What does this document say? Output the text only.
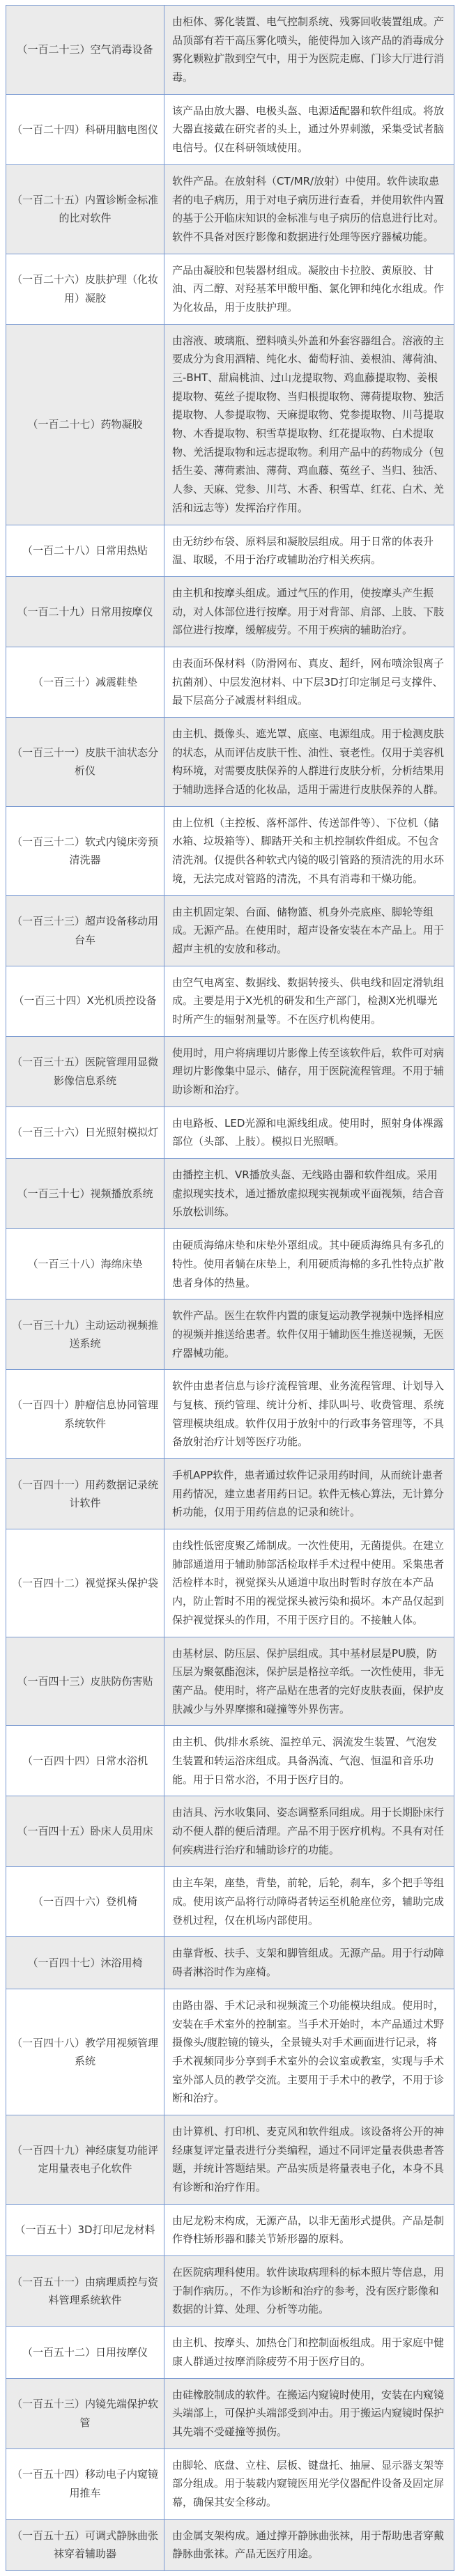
（一百二十三）空气消毒设备	由柜体、雾化装置、电气控制系统、残雾回收装置组成。产品顶部有若干高压雾化喷头，能使得加入该产品的消毒成分雾化颗粒扩散到空气中，用于为医院走廊、门诊大厅进行消毒。
（一百二十四）科研用脑电图仪	该产品由放大器、电极头盔、电源适配器和软件组成。将放大器直接戴在研究者的头上，通过外界刺激，采集受试者脑电信号。仅在科研领域使用。
（一百二十五）内置诊断金标准的比对软件	软件产品。在放射科（CT/MR/放射）中使用。软件读取患者的电子病历，用于对电子病历进行查看，并使用软件内置的基于公开临床知识的金标准与电子病历的信息进行比对。软件不具备对医疗影像和数据进行处理等医疗器械功能。
（一百二十六）皮肤护理（化妆用）凝胶	产品由凝胶和包装器材组成。凝胶由卡拉胶、黄原胶、甘油、丙二醇、对羟基苯甲酸甲酯、氯化钾和纯化水组成。作为化妆品，用于皮肤护理。
（一百二十七）药物凝胶	由溶液、玻璃瓶、塑料喷头外盖和外套容器组合。溶液的主要成分为食用酒精、纯化水、葡萄籽油、姜根油、薄荷油、三-BHT、甜扁桃油、过山龙提取物、鸡血藤提取物、姜根提取物、菟丝子提取物、当归根提取物、薄荷提取物、独活提取物、人参提取物、天麻提取物、党参提取物、川芎提取物、木香提取物、积雪草提取物、红花提取物、白术提取物、羌活提取物和远志提取物。利用产品中的药物成分（包括生姜、薄荷素油、薄荷、鸡血藤、菟丝子、当归、独活、人参、天麻、党参、川芎、木香、积雪草、红花、白术、羌活和远志等）发挥治疗作用。
（一百二十八）日常用热贴	由无纺纱布袋、原料层和凝胶层组成。用于日常的体表升温、取暖，不用于治疗或辅助治疗相关疾病。
（一百二十九）日常用按摩仪	由主机和按摩头组成。通过气压的作用，使按摩头产生振动，对人体部位进行按摩。用于对背部、肩部、上肢、下肢部位进行按摩，缓解疲劳。不用于疾病的辅助治疗。
（一百三十）减震鞋垫	由表面环保材料（防滑网布、真皮、超纤，网布喷涂银离子抗菌剂）、中层发泡材料、中下层3D打印定制足弓支撑件、最下层高分子减震材料组成。
（一百三十一）皮肤干油状态分析仪	由主机、摄像头、遮光罩、底座、电源组成。用于检测皮肤的状态，从而评估皮肤干性、油性、衰老性。仅用于美容机构环境，对需要皮肤保养的人群进行皮肤分析，分析结果用于辅助选择合适的化妆品，适用于需进行皮肤保养的人群。
（一百三十二）软式内镜床旁预清洗器	由上位机（主控板、落杯部件、传送部件等）、下位机（储水箱、垃圾箱等）、脚踏开关和主机控制软件组成。不包含清洗剂。仅提供各种软式内镜的吸引管路的预清洗的用水环境，无法完成对管路的清洗，不具有消毒和干燥功能。
（一百三十三）超声设备移动用台车	由主机固定架、台面、储物篮、机身外壳底座、脚轮等组成。无源产品。在使用时，超声设备安装在本产品上。用于超声主机的安放和移动。
（一百三十四）X光机质控设备	由空气电离室、数据线、数据转接头、供电线和固定滑轨组成。主要是用于X光机的研发和生产部门，检测X光机曝光时所产生的辐射剂量等。不在医疗机构使用。
（一百三十五）医院管理用显微影像信息系统	使用时，用户将病理切片影像上传至该软件后，软件可对病理切片影像集中显示、储存，用于医院流程管理。不用于辅助诊断和治疗。
（一百三十六）日光照射模拟灯	由电路板、LED光源和电源线组成。使用时，照射身体裸露部位（头部、上肢）。模拟日光照晒。
（一百三十七）视频播放系统	由播控主机、VR播放头盔、无线路由器和软件组成。采用虚拟现实技术，通过播放虚拟现实视频或平面视频，结合音乐放松训练。
（一百三十八）海绵床垫	由硬质海绵床垫和床垫外罩组成。其中硬质海绵具有多孔的特性。使用者躺在床垫上，利用硬质海棉的多孔性特点扩散患者身体的热量。
（一百三十九）主动运动视频推送系统	软件产品。医生在软件内置的康复运动教学视频中选择相应的视频并推送给患者。软件仅用于辅助医生推送视频，无医疗器械功能。
（一百四十）肿瘤信息协同管理系统软件	软件由患者信息与诊疗流程管理、业务流程管理、计划导入与复核、预约管理、统计分析、排队叫号、收费管理、系统管理模块组成。软件仅用于放射中的行政事务管理等，不具备放射治疗计划等医疗功能。
（一百四十一）用药数据记录统计软件	手机APP软件，患者通过软件记录用药时间，从而统计患者用药情况，建立患者用药日记。软件无核心算法，无计算分析功能，仅用于用药信息的记录和统计。
（一百四十二）视觉探头保护袋	由线性低密度聚乙烯制成。一次性使用，无菌提供。在建立肺部通道用于辅助肺部活检取样手术过程中使用。采集患者活检样本时，视觉探头从通道中取出时暂时存放在本产品内，防止暂时不用的视觉探头被污染和损坏。本产品仅起到保护视觉探头的作用，不用于医疗目的。不接触人体。
（一百四十三）皮肤防伤害贴	由基材层、防压层、保护层组成。其中基材层是PU膜，防压层为聚氨酯泡沫，保护层是格拉辛纸。一次性使用，非无菌产品。使用时，将产品贴在患者的完好皮肤表面，保护皮肤减少与外界摩擦和碰撞等外界伤害。
（一百四十四）日常水浴机	由主机、供/排水系统、温控单元、涡流发生装置、气泡发生装置和转运浴床组成。具备涡流、气泡、恒温和音乐功能。用于日常水浴，不用于医疗目的。
（一百四十五）卧床人员用床	由洁具、污水收集同、姿态调整系同组成。用于长期卧床行动不便人群的便后清理。产品不用于医疗机构。不具有对任何疾病进行治疗和辅助诊疗的功能。
（一百四十六）登机椅	由主车架，座垫，背垫，前轮，后轮，刹车，多个把手等组成。使用该产品将行动障碍者转运至机舱座位旁，辅助完成登机过程，仅在机场内部使用。
（一百四十七）沐浴用椅	由靠背板、扶手、支架和脚管组成。无源产品。用于行动障碍者淋浴时作为座椅。
（一百四十八）教学用视频管理系统	由路由器、手术记录和视频流三个功能模块组成。使用时，安装在手术室外的控制室。当手术开始时，本产品通过术野摄像头/腹腔镜的镜头，全景镜头对手术画面进行记录，将手术视频同步分享到手术室外的会议室或教室，实现与手术室外部人员的教学交流。主要用于手术中的教学，不用于诊断和治疗。
（一百四十九）神经康复功能评定用量表电子化软件	由计算机、打印机、麦克风和软件组成。该设备将公开的神经康复评定量表进行分类编程，通过不同评定量表供患者答题，并统计答题结果。产品实质是将量表电子化，本身不具有诊断和治疗作用。
（一百五十）3D打印尼龙材料	由尼龙粉末构成，无源产品，以非无菌形式提供。产品是制作脊柱矫形器和膝关节矫形器的原料。
（一百五十一）由病理质控与资料管理系统软件	在医院病理科使用。软件读取病理科的标本照片等信息，用于制作病历。，不作为诊断和治疗的参考，没有医疗影像和数据的计算、处理、分析等功能。
（一百五十二）日用按摩仪	由主机、按摩头、加热仓门和控制面板组成。用于家庭中健康人群通过按摩消除疲劳不用于医疗目的。
（一百五十三）内镜先端保护软管	由硅橡胶制成的软件。在搬运内窥镜时使用，安装在内窥镜头端部上，可保护头端部受到冲击。用于搬运内窥镜时保护其先端不受碰撞等损伤。
（一百五十四）移动电子内窥镜用推车	由脚轮、底盘、立柱、层板、键盘托、抽屉、显示器支架等部分组成。用于装载内窥镜医用光学仪器配件设备及固定屏幕，确保其安全移动。
（一百五十五）可调式静脉曲张袜穿着辅助器	由金属支架构成。通过撑开静脉曲张袜，用于帮助患者穿戴静脉曲张袜。产品无医疗用途。
